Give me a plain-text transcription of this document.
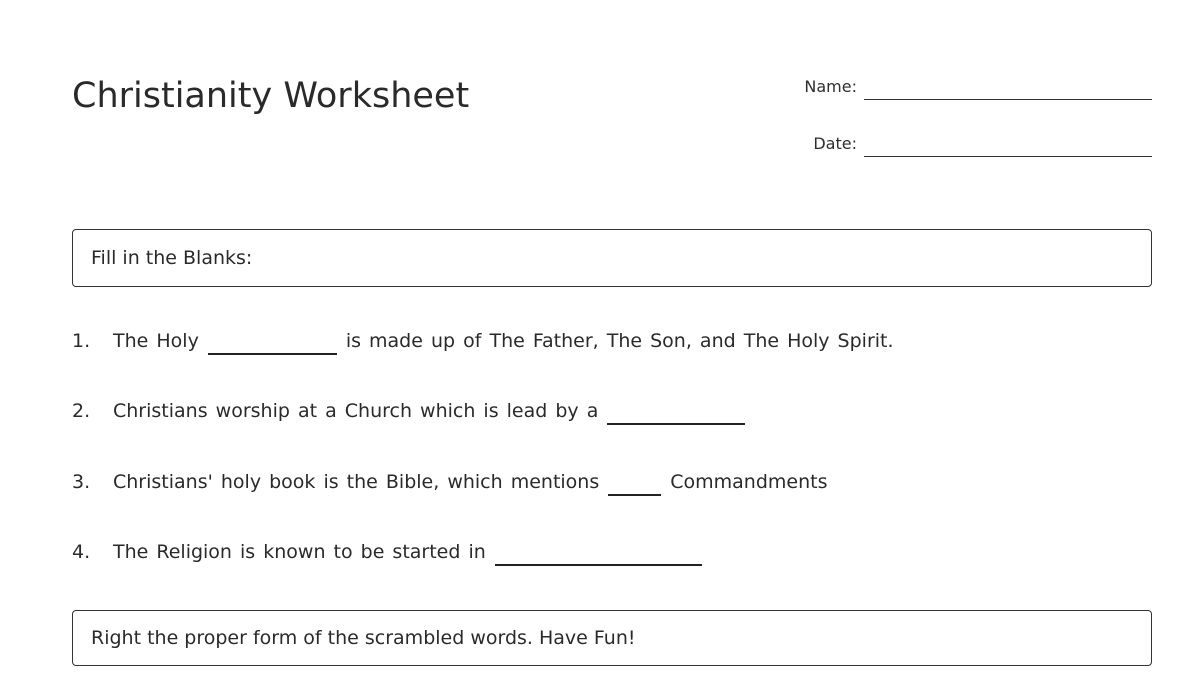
Christianity Worksheet	Name:
Date:
Fill in the Blanks:
1.	The Holy	is made up of The Father, The Son, and The Holy Spirit.
2.	Christians worship at a Church which is lead by a
3.	Christians' holy book is the Bible, which mentions	Commandments
4.	The Religion is known to be started in
Right the proper form of the scrambled words. Have Fun!
